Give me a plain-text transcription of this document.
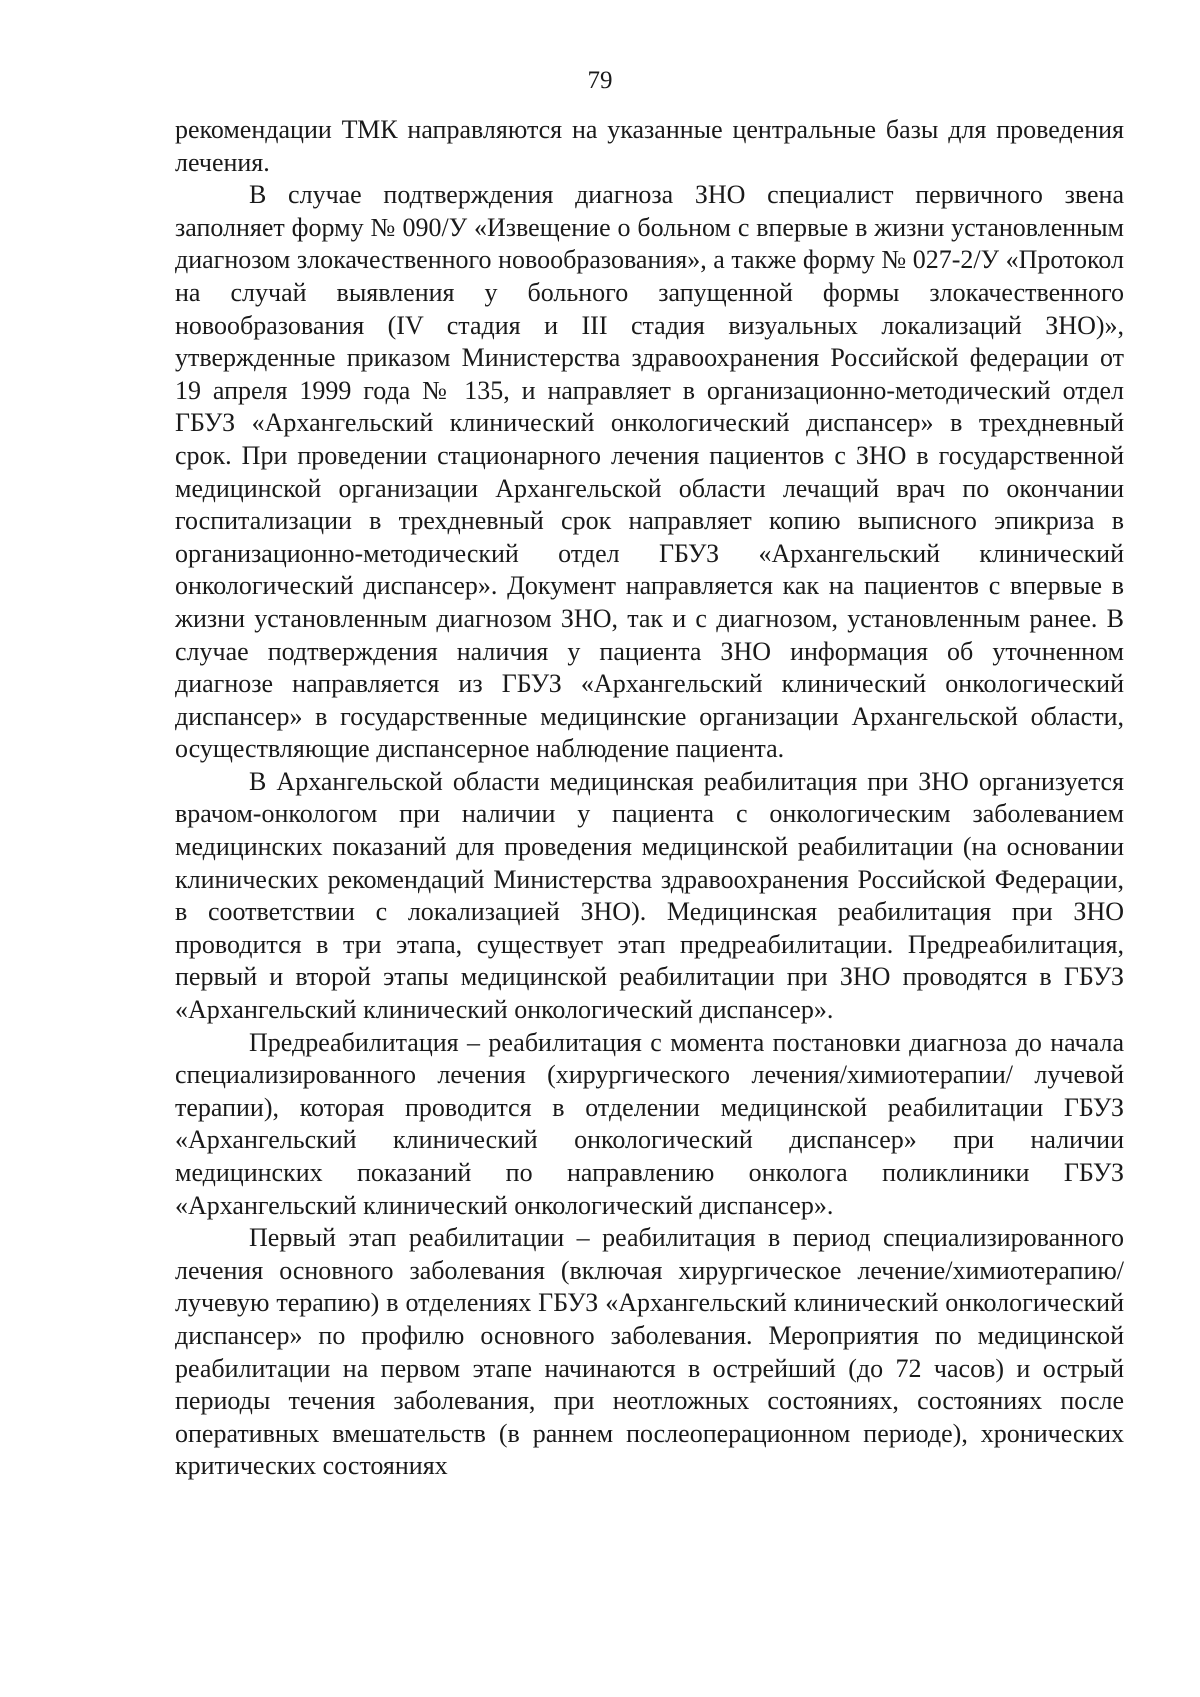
79

рекомендации ТМК направляются на указанные центральные базы для проведения лечения.

В случае подтверждения диагноза ЗНО специалист первичного звена заполняет форму № 090/У «Извещение о больном с впервые в жизни установленным диагнозом злокачественного новообразования», а также форму № 027-2/У «Протокол на случай выявления у больного запущенной формы злокачественного новообразования (IV стадия и III стадия визуальных локализаций ЗНО)», утвержденные приказом Министерства здравоохранения Российской федерации от 19 апреля 1999 года № 135, и направляет в организационно-методический отдел ГБУЗ «Архангельский клинический онкологический диспансер» в трехдневный срок. При проведении стационарного лечения пациентов с ЗНО в государственной медицинской организации Архангельской области лечащий врач по окончании госпитализации в трехдневный срок направляет копию выписного эпикриза в организационно-методический отдел ГБУЗ «Архангельский клинический онкологический диспансер». Документ направляется как на пациентов с впервые в жизни установленным диагнозом ЗНО, так и с диагнозом, установленным ранее. В случае подтверждения наличия у пациента ЗНО информация об уточненном диагнозе направляется из ГБУЗ «Архангельский клинический онкологический диспансер» в государственные медицинские организации Архангельской области, осуществляющие диспансерное наблюдение пациента.

В Архангельской области медицинская реабилитация при ЗНО организуется врачом-онкологом при наличии у пациента с онкологическим заболеванием медицинских показаний для проведения медицинской реабилитации (на основании клинических рекомендаций Министерства здравоохранения Российской Федерации, в соответствии с локализацией ЗНО). Медицинская реабилитация при ЗНО проводится в три этапа, существует этап предреабилитации. Предреабилитация, первый и второй этапы медицинской реабилитации при ЗНО проводятся в ГБУЗ «Архангельский клинический онкологический диспансер».

Предреабилитация – реабилитация с момента постановки диагноза до начала специализированного лечения (хирургического лечения/химиотерапии/ лучевой терапии), которая проводится в отделении медицинской реабилитации ГБУЗ «Архангельский клинический онкологический диспансер» при наличии медицинских показаний по направлению онколога поликлиники ГБУЗ «Архангельский клинический онкологический диспансер».

Первый этап реабилитации – реабилитация в период специализированного лечения основного заболевания (включая хирургическое лечение/химиотерапию/ лучевую терапию) в отделениях ГБУЗ «Архангельский клинический онкологический диспансер» по профилю основного заболевания. Мероприятия по медицинской реабилитации на первом этапе начинаются в острейший (до 72 часов) и острый периоды течения заболевания, при неотложных состояниях, состояниях после оперативных вмешательств (в раннем послеоперационном периоде), хронических критических состояниях
